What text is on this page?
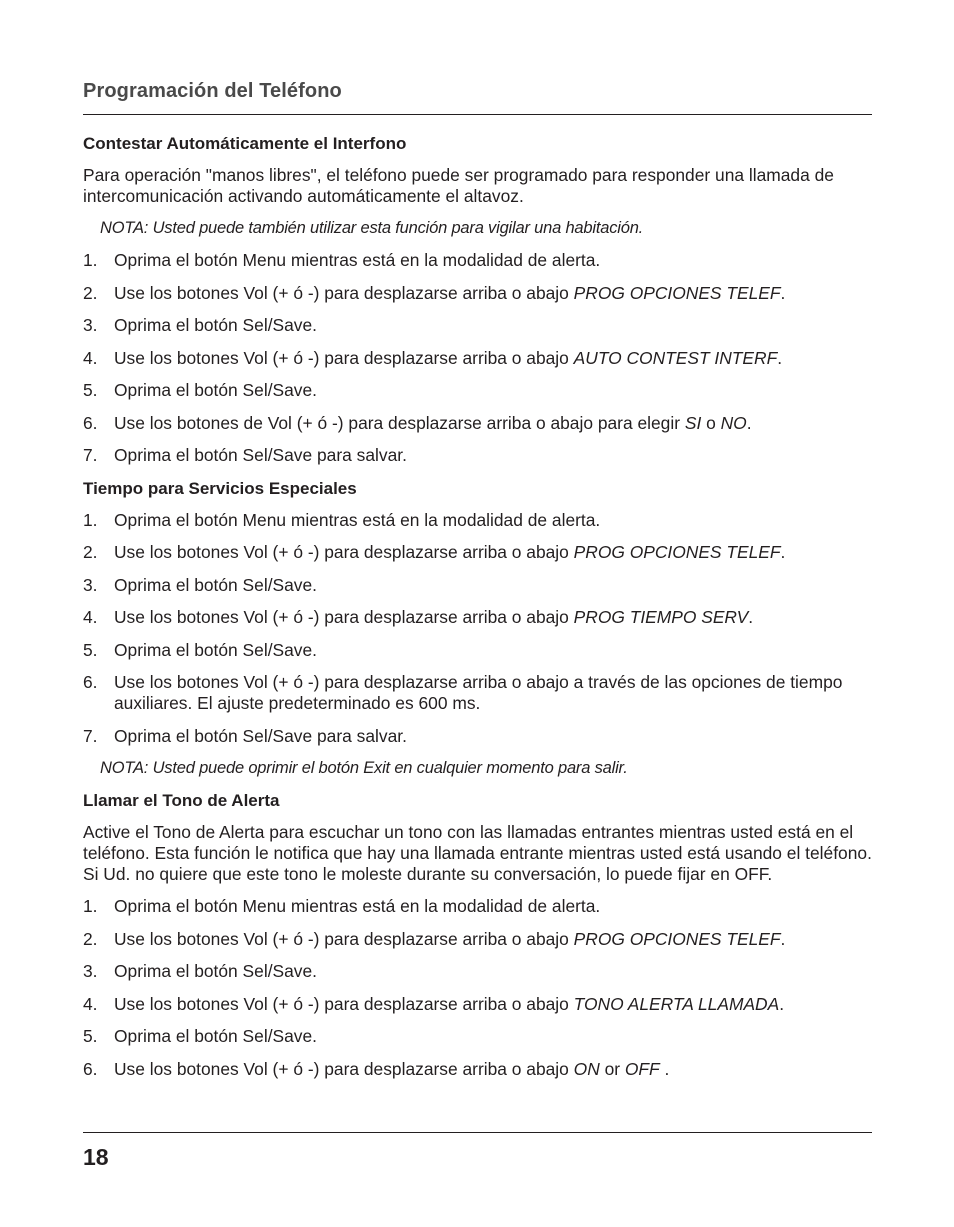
Programación del Teléfono
Contestar Automáticamente el Interfono
Para operación "manos libres", el teléfono puede ser programado para responder una llamada de intercomunicación activando automáticamente el altavoz.
NOTA: Usted puede también utilizar esta función para vigilar una habitación.
1. Oprima el botón Menu mientras está en la modalidad de alerta.
2. Use los botones Vol (+ ó -) para desplazarse arriba o abajo PROG OPCIONES TELEF.
3. Oprima el botón Sel/Save.
4. Use los botones Vol (+ ó -) para desplazarse arriba o abajo AUTO CONTEST INTERF.
5. Oprima el botón Sel/Save.
6. Use los botones de Vol (+ ó -) para desplazarse arriba o abajo para elegir SI o NO.
7. Oprima el botón Sel/Save para salvar.
Tiempo para Servicios Especiales
1. Oprima el botón Menu mientras está en la modalidad de alerta.
2. Use los botones Vol (+ ó -) para desplazarse arriba o abajo PROG OPCIONES TELEF.
3. Oprima el botón Sel/Save.
4. Use los botones Vol (+ ó -) para desplazarse arriba o abajo PROG TIEMPO SERV.
5. Oprima el botón Sel/Save.
6. Use los botones Vol (+ ó -) para desplazarse arriba o abajo a través de las opciones de tiempo auxiliares. El ajuste predeterminado es 600 ms.
7. Oprima el botón Sel/Save para salvar.
NOTA: Usted puede oprimir el botón Exit en cualquier momento para salir.
Llamar el Tono de Alerta
Active el Tono de Alerta para escuchar un tono con las llamadas entrantes mientras usted está en el teléfono. Esta función le notifica que hay una llamada entrante mientras usted está usando el teléfono. Si Ud. no quiere que este tono le moleste durante su conversación, lo puede fijar en OFF.
1. Oprima el botón Menu mientras está en la modalidad de alerta.
2. Use los botones Vol (+ ó -) para desplazarse arriba o abajo PROG OPCIONES TELEF.
3. Oprima el botón Sel/Save.
4. Use los botones Vol (+ ó -) para desplazarse arriba o abajo TONO ALERTA LLAMADA.
5. Oprima el botón Sel/Save.
6. Use los botones Vol (+ ó -) para desplazarse arriba o abajo ON or OFF .
18
